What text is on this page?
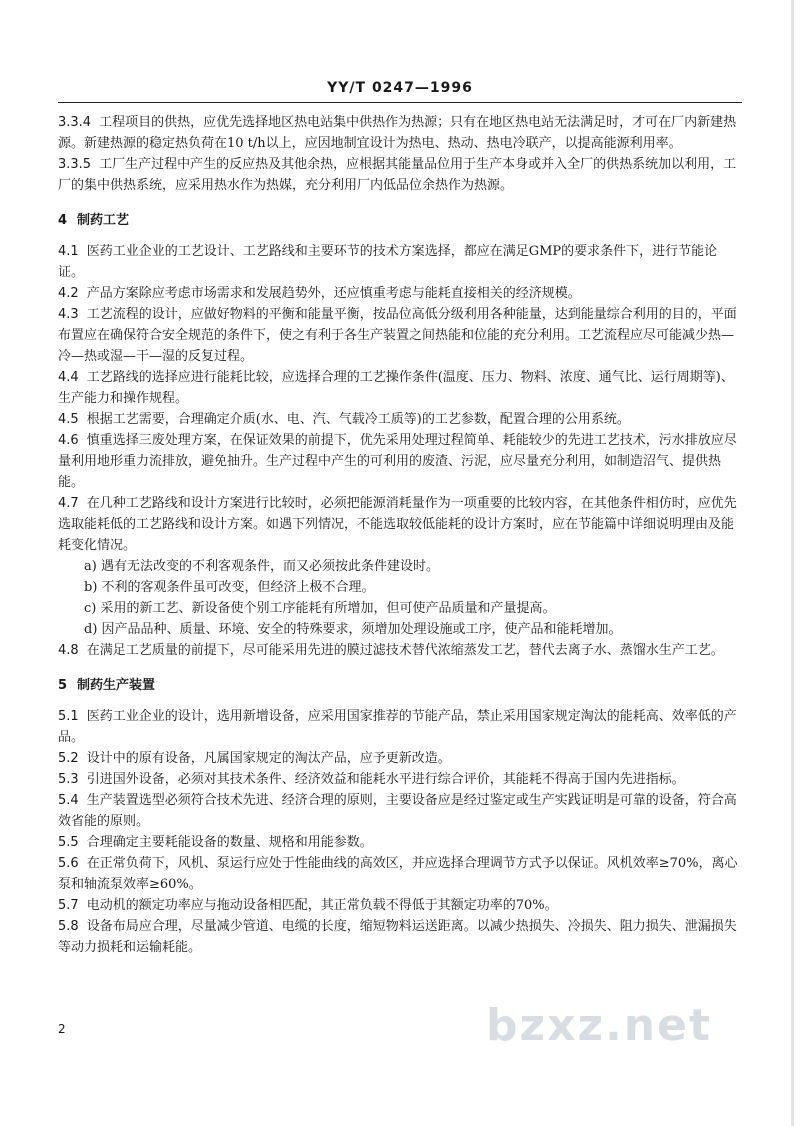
YY/T 0247—1996

3.3.4 工程项目的供热，应优先选择地区热电站集中供热作为热源；只有在地区热电站无法满足时，才可在厂内新建热源。新建热源的稳定热负荷在10 t/h以上，应因地制宜设计为热电、热动、热电冷联产，以提高能源利用率。

3.3.5 工厂生产过程中产生的反应热及其他余热，应根据其能量品位用于生产本身或并入全厂的供热系统加以利用，工厂的集中供热系统，应采用热水作为热媒，充分利用厂内低品位余热作为热源。

4 制药工艺

4.1 医药工业企业的工艺设计、工艺路线和主要环节的技术方案选择，都应在满足GMP的要求条件下，进行节能论证。

4.2 产品方案除应考虑市场需求和发展趋势外，还应慎重考虑与能耗直接相关的经济规模。

4.3 工艺流程的设计，应做好物料的平衡和能量平衡，按品位高低分级利用各种能量，达到能量综合利用的目的，平面布置应在确保符合安全规范的条件下，使之有利于各生产装置之间热能和位能的充分利用。工艺流程应尽可能减少热—冷—热或湿—干—湿的反复过程。

4.4 工艺路线的选择应进行能耗比较，应选择合理的工艺操作条件(温度、压力、物料、浓度、通气比、运行周期等)、生产能力和操作规程。

4.5 根据工艺需要，合理确定介质(水、电、汽、气载冷工质等)的工艺参数，配置合理的公用系统。

4.6 慎重选择三废处理方案，在保证效果的前提下，优先采用处理过程简单、耗能较少的先进工艺技术，污水排放应尽量利用地形重力流排放，避免抽升。生产过程中产生的可利用的废渣、污泥，应尽量充分利用，如制造沼气、提供热能。

4.7 在几种工艺路线和设计方案进行比较时，必须把能源消耗量作为一项重要的比较内容，在其他条件相仿时，应优先选取能耗低的工艺路线和设计方案。如遇下列情况，不能选取较低能耗的设计方案时，应在节能篇中详细说明理由及能耗变化情况。

a) 遇有无法改变的不利客观条件，而又必须按此条件建设时。

b) 不利的客观条件虽可改变，但经济上极不合理。

c) 采用的新工艺、新设备使个别工序能耗有所增加，但可使产品质量和产量提高。

d) 因产品品种、质量、环境、安全的特殊要求，须增加处理设施或工序，使产品和能耗增加。

4.8 在满足工艺质量的前提下，尽可能采用先进的膜过滤技术替代浓缩蒸发工艺，替代去离子水、蒸馏水生产工艺。

5 制药生产装置

5.1 医药工业企业的设计，选用新增设备，应采用国家推荐的节能产品，禁止采用国家规定淘汰的能耗高、效率低的产品。

5.2 设计中的原有设备，凡属国家规定的淘汰产品，应予更新改造。

5.3 引进国外设备，必须对其技术条件、经济效益和能耗水平进行综合评价，其能耗不得高于国内先进指标。

5.4 生产装置选型必须符合技术先进、经济合理的原则，主要设备应是经过鉴定或生产实践证明是可靠的设备，符合高效省能的原则。

5.5 合理确定主要耗能设备的数量、规格和用能参数。

5.6 在正常负荷下，风机、泵运行应处于性能曲线的高效区，并应选择合理调节方式予以保证。风机效率≥70%，离心泵和轴流泵效率≥60%。

5.7 电动机的额定功率应与拖动设备相匹配，其正常负载不得低于其额定功率的70%。

5.8 设备布局应合理，尽量减少管道、电缆的长度，缩短物料运送距离。以减少热损失、冷损失、阻力损失、泄漏损失等动力损耗和运输耗能。

2	bzxz.net
